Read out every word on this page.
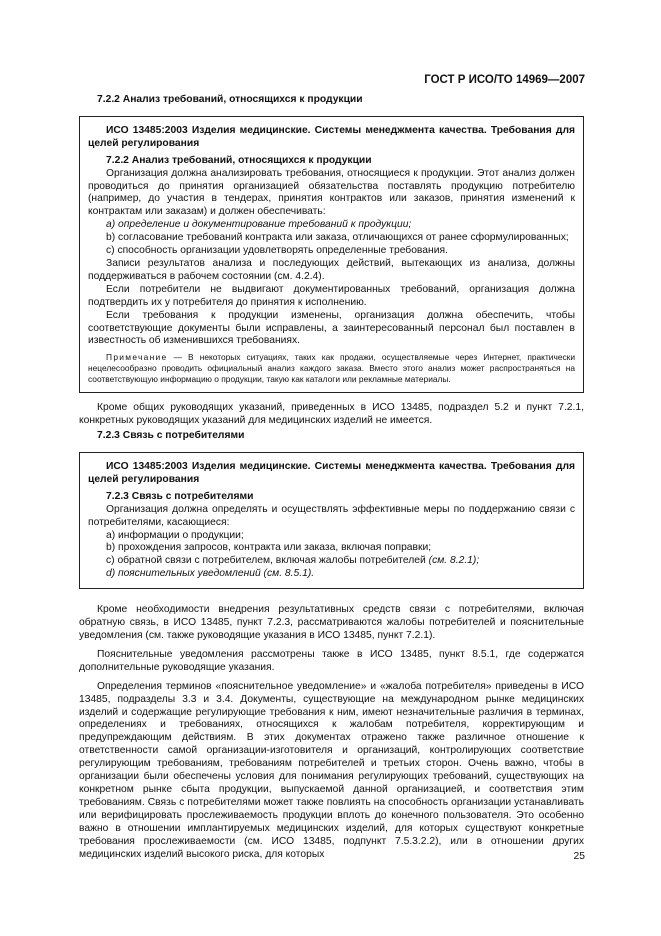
ГОСТ Р ИСО/ТО 14969—2007

7.2.2 Анализ требований, относящихся к продукции

ИСО 13485:2003 Изделия медицинские. Системы менеджмента качества. Требования для целей регулирования

7.2.2 Анализ требований, относящихся к продукции

Организация должна анализировать требования, относящиеся к продукции. Этот анализ должен проводиться до принятия организацией обязательства поставлять продукцию потребителю (например, до участия в тендерах, принятия контрактов или заказов, принятия изменений к контрактам или заказам) и должен обеспечивать:

а) определение и документирование требований к продукции;

b) согласование требований контракта или заказа, отличающихся от ранее сформулированных;

с) способность организации удовлетворять определенные требования.

Записи результатов анализа и последующих действий, вытекающих из анализа, должны поддерживаться в рабочем состоянии (см. 4.2.4).

Если потребители не выдвигают документированных требований, организация должна подтвердить их у потребителя до принятия к исполнению.

Если требования к продукции изменены, организация должна обеспечить, чтобы соответствующие документы были исправлены, а заинтересованный персонал был поставлен в известность об изменившихся требованиях.

Примечание — В некоторых ситуациях, таких как продажи, осуществляемые через Интернет, практически нецелесообразно проводить официальный анализ каждого заказа. Вместо этого анализ может распространяться на соответствующую информацию о продукции, такую как каталоги или рекламные материалы.

Кроме общих руководящих указаний, приведенных в ИСО 13485, подраздел 5.2 и пункт 7.2.1, конкретных руководящих указаний для медицинских изделий не имеется.

7.2.3 Связь с потребителями

ИСО 13485:2003 Изделия медицинские. Системы менеджмента качества. Требования для целей регулирования

7.2.3 Связь с потребителями

Организация должна определять и осуществлять эффективные меры по поддержанию связи с потребителями, касающиеся:

а) информации о продукции;

b) прохождения запросов, контракта или заказа, включая поправки;

с) обратной связи с потребителем, включая жалобы потребителей (см. 8.2.1);

d) пояснительных уведомлений (см. 8.5.1).

Кроме необходимости внедрения результативных средств связи с потребителями, включая обратную связь, в ИСО 13485, пункт 7.2.3, рассматриваются жалобы потребителей и пояснительные уведомления (см. также руководящие указания в ИСО 13485, пункт 7.2.1).

Пояснительные уведомления рассмотрены также в ИСО 13485, пункт 8.5.1, где содержатся дополнительные руководящие указания.

Определения терминов «пояснительное уведомление» и «жалоба потребителя» приведены в ИСО 13485, подразделы 3.3 и 3.4. Документы, существующие на международном рынке медицинских изделий и содержащие регулирующие требования к ним, имеют незначительные различия в терминах, определениях и требованиях, относящихся к жалобам потребителя, корректирующим и предупреждающим действиям. В этих документах отражено также различное отношение к ответственности самой организации-изготовителя и организаций, контролирующих соответствие регулирующим требованиям, требованиям потребителей и третьих сторон. Очень важно, чтобы в организации были обеспечены условия для понимания регулирующих требований, существующих на конкретном рынке сбыта продукции, выпускаемой данной организацией, и соответствия этим требованиям. Связь с потребителями может также повлиять на способность организации устанавливать или верифицировать прослеживаемость продукции вплоть до конечного пользователя. Это особенно важно в отношении имплантируемых медицинских изделий, для которых существуют конкретные требования прослеживаемости (см. ИСО 13485, подпункт 7.5.3.2.2), или в отношении других медицинских изделий высокого риска, для которых	25
